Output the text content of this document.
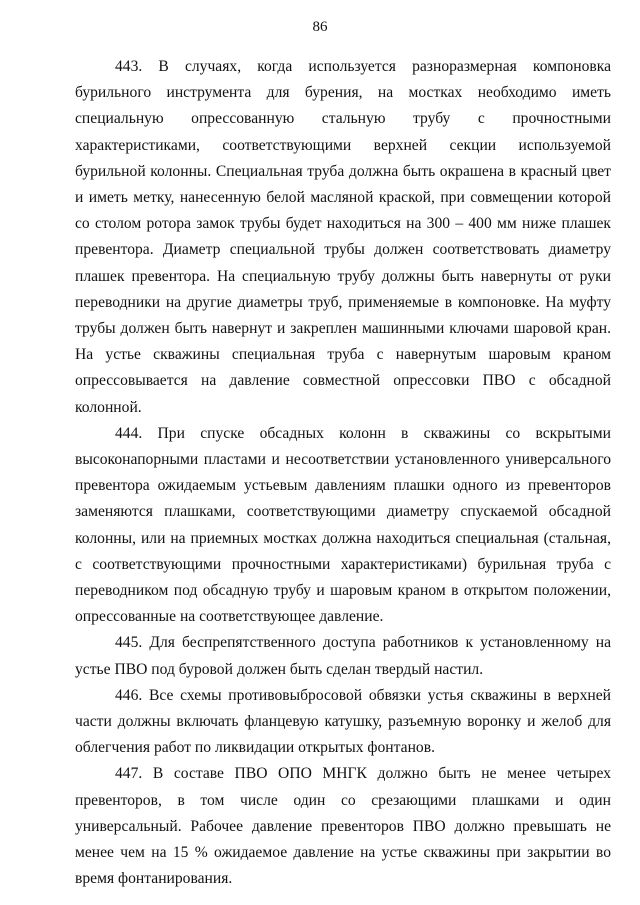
86

443. В случаях, когда используется разноразмерная компоновка бурильного инструмента для бурения, на мостках необходимо иметь специальную опрессованную стальную трубу с прочностными характеристиками, соответствующими верхней секции используемой бурильной колонны. Специальная труба должна быть окрашена в красный цвет и иметь метку, нанесенную белой масляной краской, при совмещении которой со столом ротора замок трубы будет находиться на 300 – 400 мм ниже плашек превентора. Диаметр специальной трубы должен соответствовать диаметру плашек превентора. На специальную трубу должны быть навернуты от руки переводники на другие диаметры труб, применяемые в компоновке. На муфту трубы должен быть навернут и закреплен машинными ключами шаровой кран. На устье скважины специальная труба с навернутым шаровым краном опрессовывается на давление совместной опрессовки ПВО с обсадной колонной.

444. При спуске обсадных колонн в скважины со вскрытыми высоконапорными пластами и несоответствии установленного универсального превентора ожидаемым устьевым давлениям плашки одного из превенторов заменяются плашками, соответствующими диаметру спускаемой обсадной колонны, или на приемных мостках должна находиться специальная (стальная, с соответствующими прочностными характеристиками) бурильная труба с переводником под обсадную трубу и шаровым краном в открытом положении, опрессованные на соответствующее давление.

445. Для беспрепятственного доступа работников к установленному на устье ПВО под буровой должен быть сделан твердый настил.

446. Все схемы противовыбросовой обвязки устья скважины в верхней части должны включать фланцевую катушку, разъемную воронку и желоб для облегчения работ по ликвидации открытых фонтанов.

447. В составе ПВО ОПО МНГК должно быть не менее четырех превенторов, в том числе один со срезающими плашками и один универсальный. Рабочее давление превенторов ПВО должно превышать не менее чем на 15 % ожидаемое давление на устье скважины при закрытии во время фонтанирования.
